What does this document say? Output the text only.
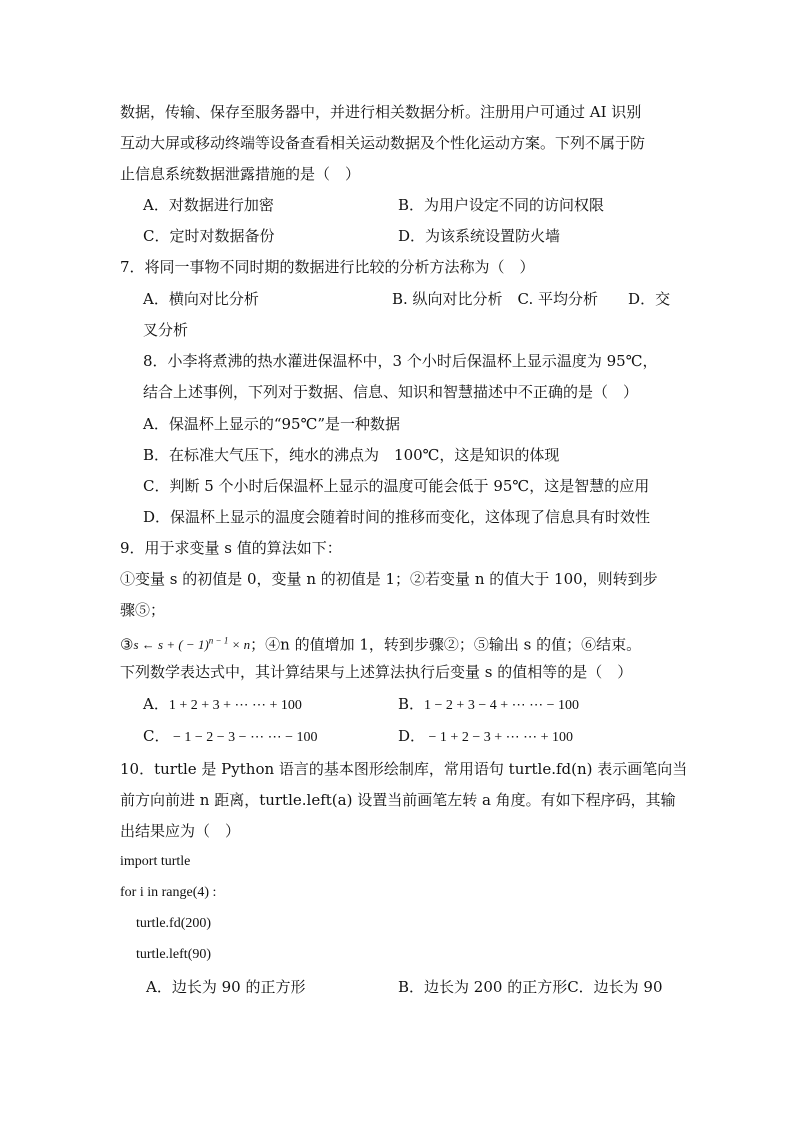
数据，传输、保存至服务器中，并进行相关数据分析。注册用户可通过 AI 识别
互动大屏或移动终端等设备查看相关运动数据及个性化运动方案。下列不属于防
止信息系统数据泄露措施的是（　）
A．对数据进行加密	B．为用户设定不同的访问权限
C．定时对数据备份	D．为该系统设置防火墙
7．将同一事物不同时期的数据进行比较的分析方法称为（　）
A．横向对比分析	B. 纵向对比分析　C. 平均分析　　D．交
叉分析
8．小李将煮沸的热水灌进保温杯中，3 个小时后保温杯上显示温度为 95℃，
结合上述事例，下列对于数据、信息、知识和智慧描述中不正确的是（　）
A．保温杯上显示的“95℃”是一种数据
B．在标准大气压下，纯水的沸点为　100℃，这是知识的体现
C．判断 5 个小时后保温杯上显示的温度可能会低于 95℃，这是智慧的应用
D．保温杯上显示的温度会随着时间的推移而变化，这体现了信息具有时效性
9．用于求变量 s 值的算法如下：
①变量 s 的初值是 0，变量 n 的初值是 1；②若变量 n 的值大于 100，则转到步
骤⑤；
③s ← s + ( − 1)$^{n - 1}$ × n；④n 的值增加 1，转到步骤②；⑤输出 s 的值；⑥结束。
下列数学表达式中，其计算结果与上述算法执行后变量 s 的值相等的是（　）
A．1 + 2 + 3 + ⋯ ⋯ + 100	B．1 − 2 + 3 − 4 + ⋯ ⋯ − 100
C． − 1 − 2 − 3 − ⋯ ⋯ − 100	D． − 1 + 2 − 3 + ⋯ ⋯ + 100
10．turtle 是 Python 语言的基本图形绘制库，常用语句 turtle.fd(n) 表示画笔向当
前方向前进 n 距离，turtle.left(a) 设置当前画笔左转 a 角度。有如下程序码，其输
出结果应为（　）
import turtle
for i in range(4) :
turtle.fd(200)
turtle.left(90)
A．边长为 90 的正方形	B．边长为 200 的正方形C．边长为 90
